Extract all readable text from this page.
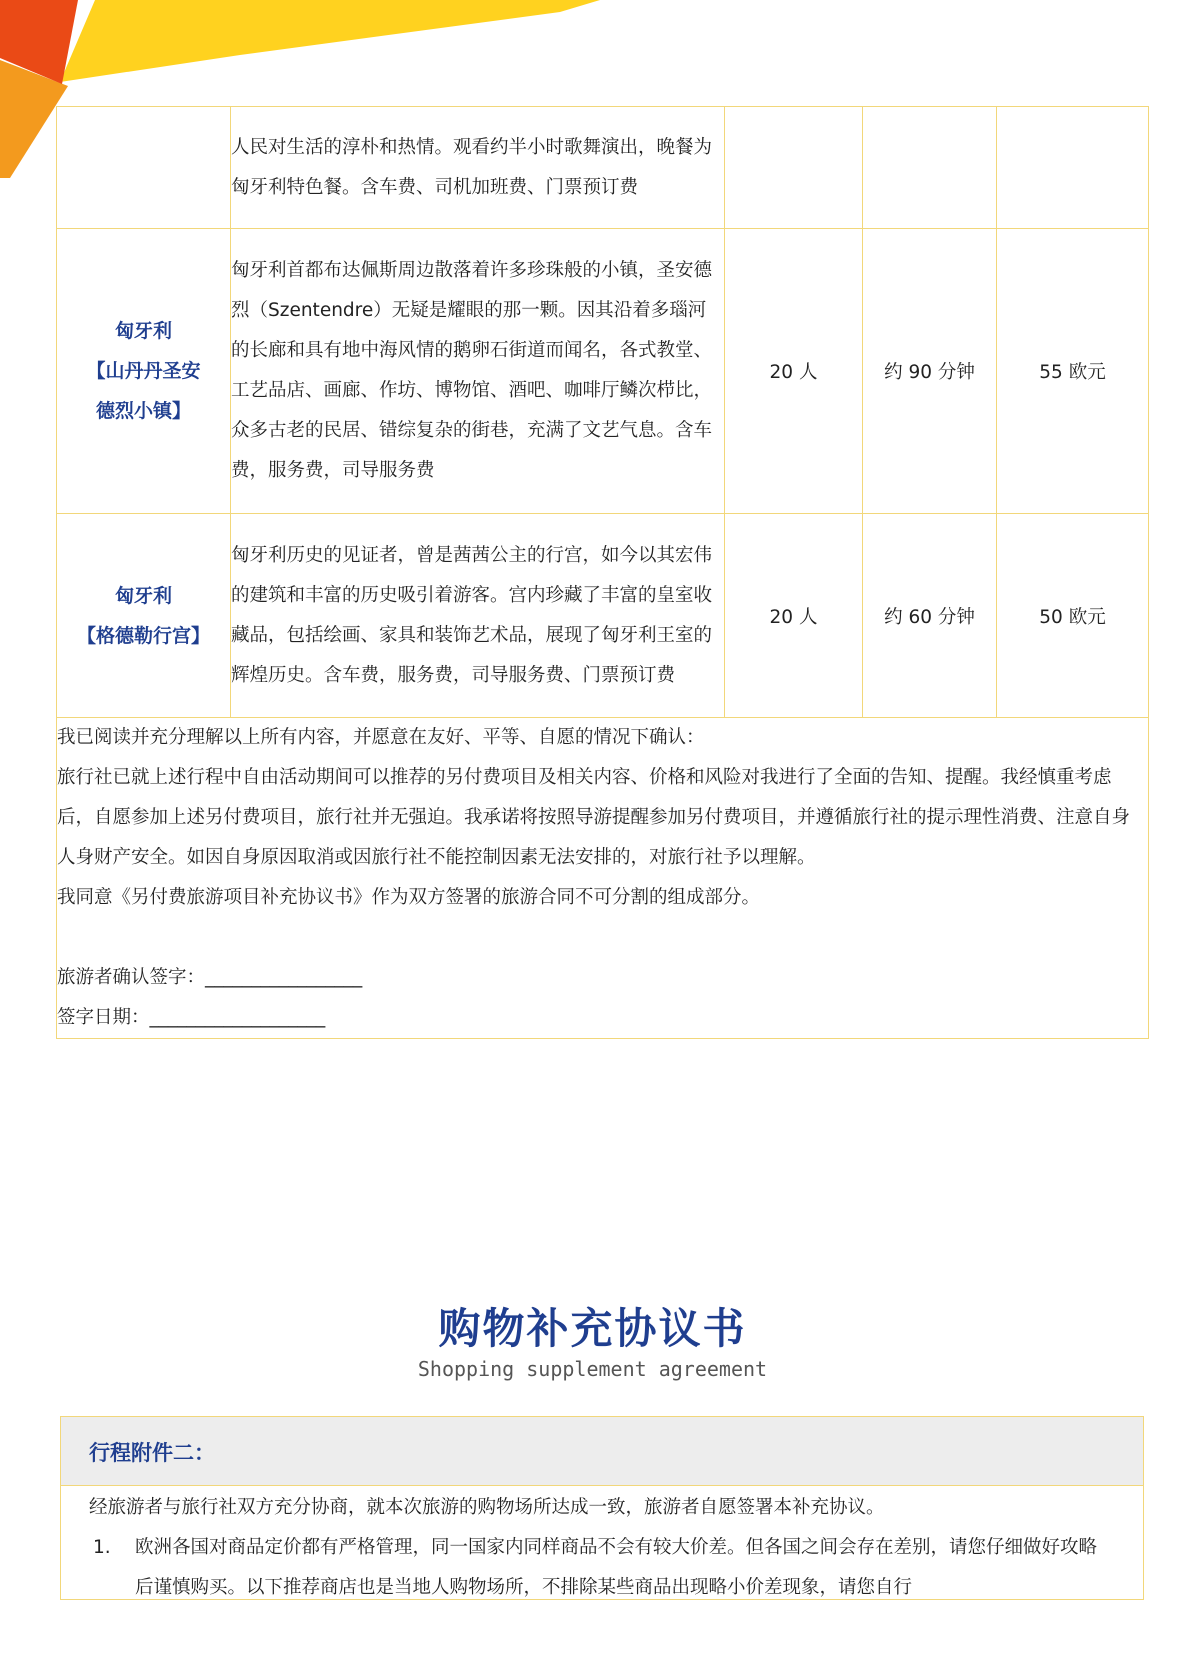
	人民对生活的淳朴和热情。观看约半小时歌舞演出，晚餐为匈牙利特色餐。含车费、司机加班费、门票预订费			

匈牙利
【山丹丹圣安
德烈小镇】	匈牙利首都布达佩斯周边散落着许多珍珠般的小镇，圣安德烈（Szentendre）无疑是耀眼的那一颗。因其沿着多瑙河的长廊和具有地中海风情的鹅卵石街道而闻名，各式教堂、工艺品店、画廊、作坊、博物馆、酒吧、咖啡厅鳞次栉比，众多古老的民居、错综复杂的街巷，充满了文艺气息。含车费，服务费，司导服务费	20 人	约 90 分钟	55 欧元

匈牙利
【格德勒行宫】	匈牙利历史的见证者，曾是茜茜公主的行宫，如今以其宏伟的建筑和丰富的历史吸引着游客。宫内珍藏了丰富的皇室收藏品，包括绘画、家具和装饰艺术品，展现了匈牙利王室的辉煌历史。含车费，服务费，司导服务费、门票预订费	20 人	约 60 分钟	50 欧元

我已阅读并充分理解以上所有内容，并愿意在友好、平等、自愿的情况下确认：
旅行社已就上述行程中自由活动期间可以推荐的另付费项目及相关内容、价格和风险对我进行了全面的告知、提醒。我经慎重考虑后，自愿参加上述另付费项目，旅行社并无强迫。我承诺将按照导游提醒参加另付费项目，并遵循旅行社的提示理性消费、注意自身人身财产安全。如因自身原因取消或因旅行社不能控制因素无法安排的，对旅行社予以理解。
我同意《另付费旅游项目补充协议书》作为双方签署的旅游合同不可分割的组成部分。
旅游者确认签字：_________________
签字日期：___________________				
购物补充协议书
Shopping supplement agreement
行程附件二：
经旅游者与旅行社双方充分协商，就本次旅游的购物场所达成一致，旅游者自愿签署本补充协议。
1.	欧洲各国对商品定价都有严格管理，同一国家内同样商品不会有较大价差。但各国之间会存在差别，请您仔细做好攻略后谨慎购买。以下推荐商店也是当地人购物场所，不排除某些商品出现略小价差现象，请您自行
